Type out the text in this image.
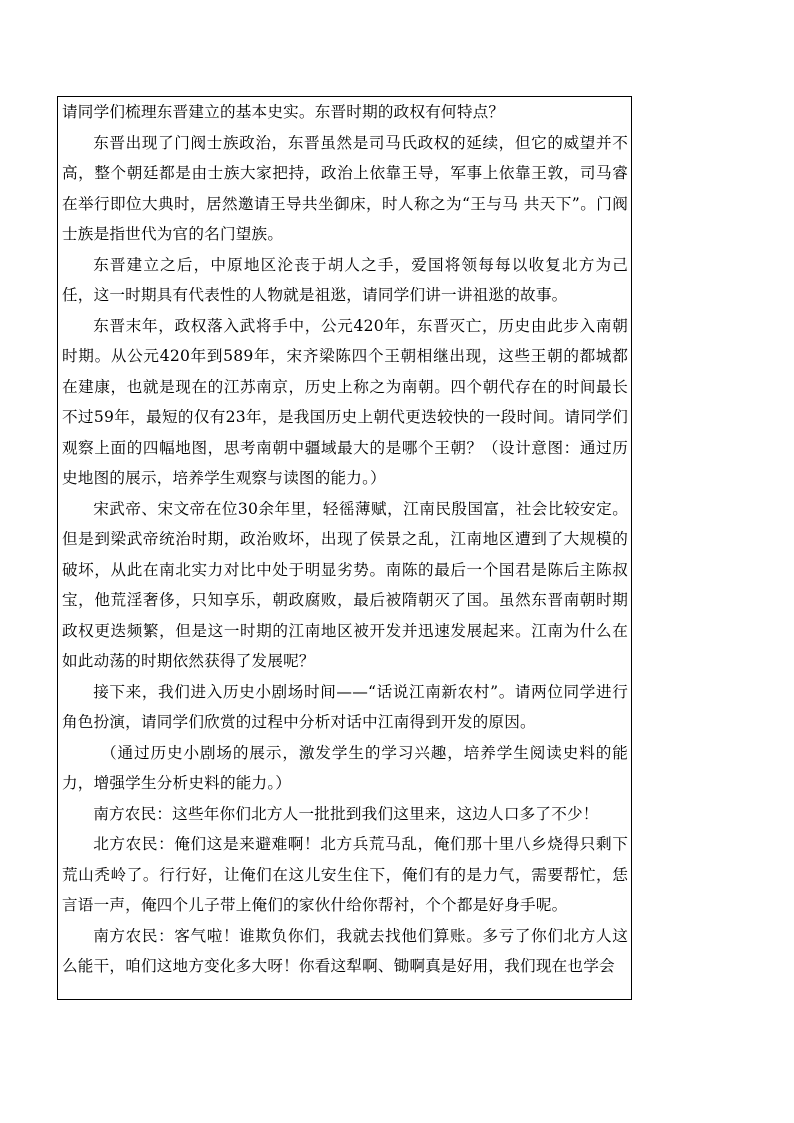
请同学们梳理东晋建立的基本史实。东晋时期的政权有何特点？

东晋出现了门阀士族政治，东晋虽然是司马氏政权的延续，但它的威望并不高，整个朝廷都是由士族大家把持，政治上依靠王导，军事上依靠王敦，司马睿在举行即位大典时，居然邀请王导共坐御床，时人称之为“王与马 共天下”。门阀士族是指世代为官的名门望族。

东晋建立之后，中原地区沦丧于胡人之手，爱国将领每每以收复北方为己任，这一时期具有代表性的人物就是祖逖，请同学们讲一讲祖逖的故事。

东晋末年，政权落入武将手中，公元420年，东晋灭亡，历史由此步入南朝时期。从公元420年到589年，宋齐梁陈四个王朝相继出现，这些王朝的都城都在建康，也就是现在的江苏南京，历史上称之为南朝。四个朝代存在的时间最长不过59年，最短的仅有23年，是我国历史上朝代更迭较快的一段时间。请同学们观察上面的四幅地图，思考南朝中疆域最大的是哪个王朝？（设计意图：通过历史地图的展示，培养学生观察与读图的能力。）

宋武帝、宋文帝在位30余年里，轻徭薄赋，江南民殷国富，社会比较安定。但是到梁武帝统治时期，政治败坏，出现了侯景之乱，江南地区遭到了大规模的破坏，从此在南北实力对比中处于明显劣势。南陈的最后一个国君是陈后主陈叔宝，他荒淫奢侈，只知享乐，朝政腐败，最后被隋朝灭了国。虽然东晋南朝时期政权更迭频繁，但是这一时期的江南地区被开发并迅速发展起来。江南为什么在如此动荡的时期依然获得了发展呢？

接下来，我们进入历史小剧场时间——“话说江南新农村”。请两位同学进行角色扮演，请同学们欣赏的过程中分析对话中江南得到开发的原因。

（通过历史小剧场的展示，激发学生的学习兴趣，培养学生阅读史料的能力，增强学生分析史料的能力。）

南方农民：这些年你们北方人一批批到我们这里来，这边人口多了不少！

北方农民：俺们这是来避难啊！北方兵荒马乱，俺们那十里八乡烧得只剩下荒山秃岭了。行行好，让俺们在这儿安生住下，俺们有的是力气，需要帮忙，恁言语一声，俺四个儿子带上俺们的家伙什给你帮衬，个个都是好身手呢。

南方农民：客气啦！谁欺负你们，我就去找他们算账。多亏了你们北方人这么能干，咱们这地方变化多大呀！你看这犁啊、锄啊真是好用，我们现在也学会
